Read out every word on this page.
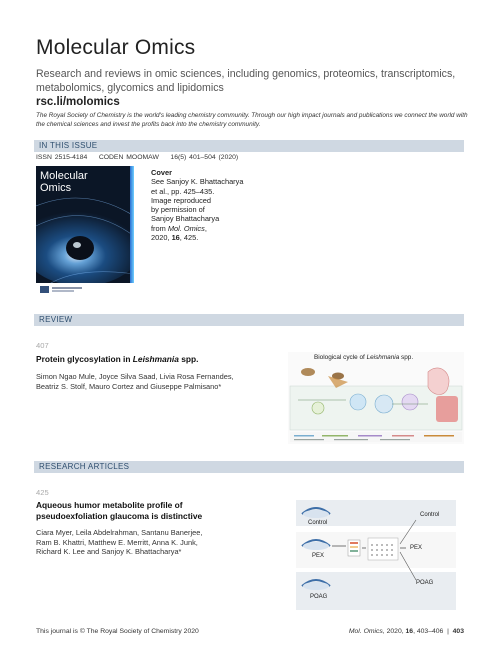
Molecular Omics
Research and reviews in omic sciences, including genomics, proteomics, transcriptomics, metabolomics, glycomics and lipidomics
rsc.li/molomics
The Royal Society of Chemistry is the world's leading chemistry community. Through our high impact journals and publications we connect the world with the chemical sciences and invest the profits back into the chemistry community.
IN THIS ISSUE
ISSN 2515-4184 CODEN MOOMAW 16(5) 401–504 (2020)
Molecular
Omics
Cover
See Sanjoy K. Bhattacharya
et al., pp. 425–435.
Image reproduced
by permission of
Sanjoy Bhattacharya
from Mol. Omics,
2020, 16, 425.
REVIEW
407
Protein glycosylation in Leishmania spp.
Simon Ngao Mule, Joyce Silva Saad, Livia Rosa Fernandes,
Beatriz S. Stolf, Mauro Cortez and Giuseppe Palmisano*
Biological cycle of Leishmania spp.
RESEARCH ARTICLES
425
Aqueous humor metabolite profile of
pseudoexfoliation glaucoma is distinctive
Ciara Myer, Leila Abdelrahman, Santanu Banerjee,
Ram B. Khattri, Matthew E. Merritt, Anna K. Junk,
Richard K. Lee and Sanjoy K. Bhattacharya*
Control
Control
PEX
PEX
POAG
POAG
This journal is © The Royal Society of Chemistry 2020	Mol. Omics, 2020, 16, 403–406  |  403
